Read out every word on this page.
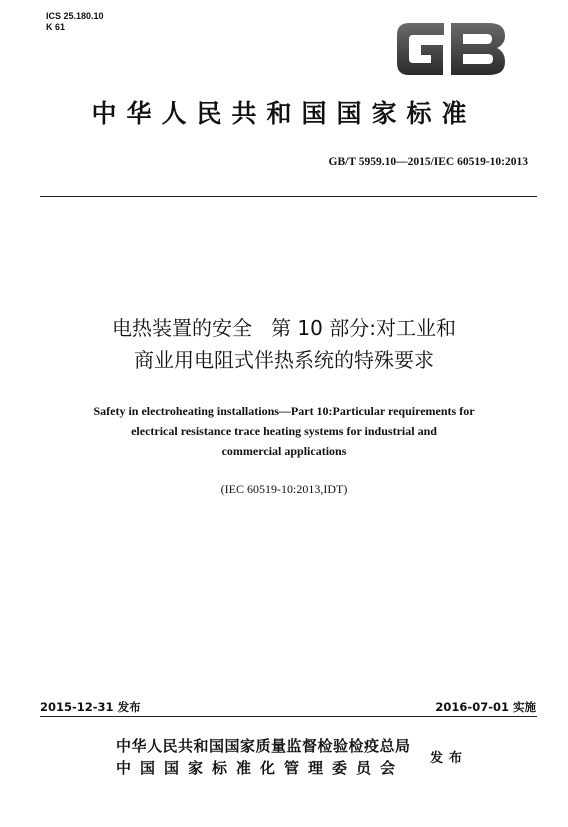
ICS 25.180.10
K 61
中华人民共和国国家标准
GB/T 5959.10—2015/IEC 60519-10:2013
电热装置的安全   第 10 部分:对工业和
商业用电阻式伴热系统的特殊要求
Safety in electroheating installations—Part 10:Particular requirements for
electrical resistance trace heating systems for industrial and
commercial applications
(IEC 60519-10:2013,IDT)
2015-12-31 发布	2016-07-01 实施
中华人民共和国国家质量监督检验检疫总局
中国国家标准化管理委员会
发布
